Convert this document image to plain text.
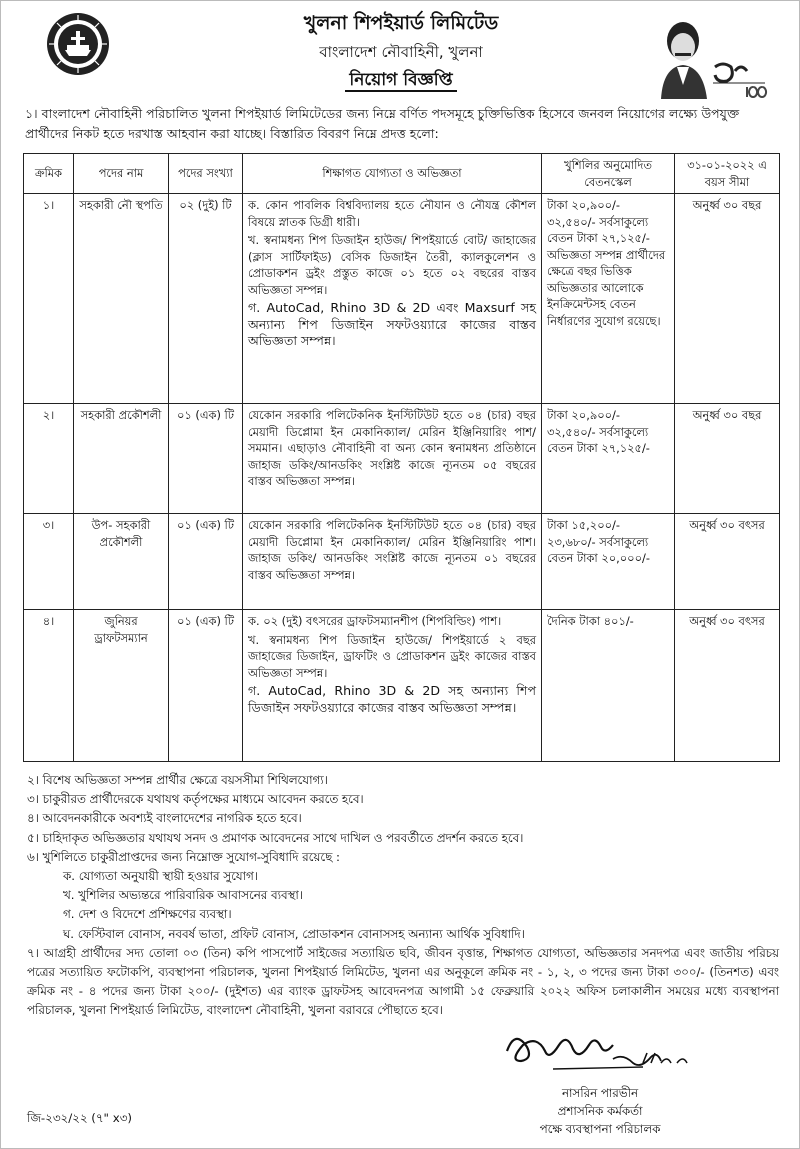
খুলনা শিপইয়ার্ড লিমিটেড
বাংলাদেশ নৌবাহিনী, খুলনা
নিয়োগ বিজ্ঞপ্তি
১। বাংলাদেশ নৌবাহিনী পরিচালিত খুলনা শিপইয়ার্ড লিমিটেডের জন্য নিম্নে বর্ণিত পদসমূহে চুক্তিভিত্তিক হিসেবে জনবল নিয়োগের লক্ষ্যে উপযুক্ত প্রার্থীদের নিকট হতে দরখাস্ত আহবান করা যাচ্ছে। বিস্তারিত বিবরণ নিম্নে প্রদত্ত হলো:
ক্রমিক	পদের নাম	পদের সংখ্যা	শিক্ষাগত যোগ্যতা ও অভিজ্ঞতা	খুশিলির অনুমোদিত বেতনস্কেল	৩১-০১-২০২২ এ বয়স সীমা
১।	সহকারী নৌ স্থপতি	০২ (দুই) টি	ক. কোন পাবলিক বিশ্ববিদ্যালয় হতে নৌযান ও নৌযন্ত্র কৌশল বিষয়ে স্নাতক ডিগ্রী ধারী।

খ. স্বনামধন্য শিপ ডিজাইন হাউজ/ শিপইয়ার্ডে বোট/ জাহাজের (ক্লাস সার্টিফাইড) বেসিক ডিজাইন তৈরী, ক্যালকুলেশন ও প্রোডাকশন ড্রইং প্রস্তুত কাজে ০১ হতে ০২ বছরের বাস্তব অভিজ্ঞতা সম্পন্ন।

গ. AutoCad, Rhino 3D & 2D এবং Maxsurf সহ অন্যান্য শিপ ডিজাইন সফটওয়্যারে কাজের বাস্তব অভিজ্ঞতা সম্পন্ন।	টাকা ২০,৯০০/- ৩২,৫৪০/- সর্বসাকুল্যে বেতন টাকা ২৭,১২৫/- অভিজ্ঞতা সম্পন্ন প্রার্থীদের ক্ষেত্রে বছর ভিত্তিক অভিজ্ঞতার আলোকে ইনক্রিমেন্টসহ বেতন নির্ধারণের সুযোগ রয়েছে।	অনুর্ধ্ব ৩০ বছর
২।	সহকারী প্রকৌশলী	০১ (এক) টি	যেকোন সরকারি পলিটেকনিক ইনস্টিটিউট হতে ০৪ (চার) বছর মেয়াদী ডিপ্লোমা ইন মেকানিক্যাল/ মেরিন ইঞ্জিনিয়ারিং পাশ/ সমমান। এছাড়াও নৌবাহিনী বা অন্য কোন স্বনামধন্য প্রতিষ্ঠানে জাহাজ ডকিং/আনডকিং সংশ্লিষ্ট কাজে ন্যূনতম ০৫ বছরের বাস্তব অভিজ্ঞতা সম্পন্ন।	টাকা ২০,৯০০/- ৩২,৫৪০/- সর্বসাকুল্যে বেতন টাকা ২৭,১২৫/-	অনুর্ধ্ব ৩০ বছর
৩।	উপ- সহকারী প্রকৌশলী	০১ (এক) টি	যেকোন সরকারি পলিটেকনিক ইনস্টিটিউট হতে ০৪ (চার) বছর মেয়াদী ডিপ্লোমা ইন মেকানিক্যাল/ মেরিন ইঞ্জিনিয়ারিং পাশ। জাহাজ ডকিং/ আনডকিং সংশ্লিষ্ট কাজে ন্যূনতম ০১ বছরের বাস্তব অভিজ্ঞতা সম্পন্ন।	টাকা ১৫,২০০/- ২৩,৬৮০/- সর্বসাকুল্যে বেতন টাকা ২০,০০০/-	অনুর্ধ্ব ৩০ বৎসর
৪।	জুনিয়র ড্রাফটসম্যান	০১ (এক) টি	ক. ০২ (দুই) বৎসরের ড্রাফটসম্যানশীপ (শিপবিল্ডিং) পাশ।

খ. স্বনামধন্য শিপ ডিজাইন হাউজে/ শিপইয়ার্ডে ২ বছর জাহাজের ডিজাইন, ড্রাফটিং ও প্রোডাকশন ড্রইং কাজের বাস্তব অভিজ্ঞতা সম্পন্ন।

গ. AutoCad, Rhino 3D & 2D সহ অন্যান্য শিপ ডিজাইন সফটওয়্যারে কাজের বাস্তব অভিজ্ঞতা সম্পন্ন।	দৈনিক টাকা ৪০১/-	অনুর্ধ্ব ৩০ বৎসর

২। বিশেষ অভিজ্ঞতা সম্পন্ন প্রার্থীর ক্ষেত্রে বয়সসীমা শিথিলযোগ্য।

৩। চাকুরীরত প্রার্থীদেরকে যথাযথ কর্তৃপক্ষের মাধ্যমে আবেদন করতে হবে।

৪। আবেদনকারীকে অবশ্যই বাংলাদেশের নাগরিক হতে হবে।

৫। চাহিদাকৃত অভিজ্ঞতার যথাযথ সনদ ও প্রমাণক আবেদনের সাথে দাখিল ও পরবর্তীতে প্রদর্শন করতে হবে।

৬। খুশিলিতে চাকুরীপ্রাপ্তদের জন্য নিম্নোক্ত সুযোগ-সুবিধাদি রয়েছে :

ক. যোগ্যতা অনুযায়ী স্থায়ী হওয়ার সুযোগ।

খ. খুশিলির অভ্যন্তরে পারিবারিক আবাসনের ব্যবস্থা।

গ. দেশ ও বিদেশে প্রশিক্ষণের ব্যবস্থা।

ঘ. ফেস্টিবাল বোনাস, নববর্ষ ভাতা, প্রফিট বোনাস, প্রোডাকশন বোনাসসহ অন্যান্য আর্থিক সুবিধাদি।

৭। আগ্রহী প্রার্থীদের সদ্য তোলা ০৩ (তিন) কপি পাসপোর্ট সাইজের সত্যায়িত ছবি, জীবন বৃত্তান্ত, শিক্ষাগত যোগ্যতা, অভিজ্ঞতার সনদপত্র এবং জাতীয় পরিচয় পত্রের সত্যায়িত ফটোকপি, ব্যবস্থাপনা পরিচালক, খুলনা শিপইয়ার্ড লিমিটেড, খুলনা এর অনুকূলে ক্রমিক নং - ১, ২, ৩ পদের জন্য টাকা ৩০০/- (তিনশত) এবং ক্রমিক নং - ৪ পদের জন্য টাকা ২০০/- (দুইশত) এর ব্যাংক ড্রাফটসহ আবেদনপত্র আগামী ১৫ ফেব্রুয়ারি ২০২২ অফিস চলাকালীন সময়ের মধ্যে ব্যবস্থাপনা পরিচালক, খুলনা শিপইয়ার্ড লিমিটেড, বাংলাদেশ নৌবাহিনী, খুলনা বরাবরে পৌছাতে হবে।

নাসরিন পারভীন
প্রশাসনিক কর্মকর্তা
পক্ষে ব্যবস্থাপনা পরিচালক
জি-২৩২/২২ (৭" x৩)
